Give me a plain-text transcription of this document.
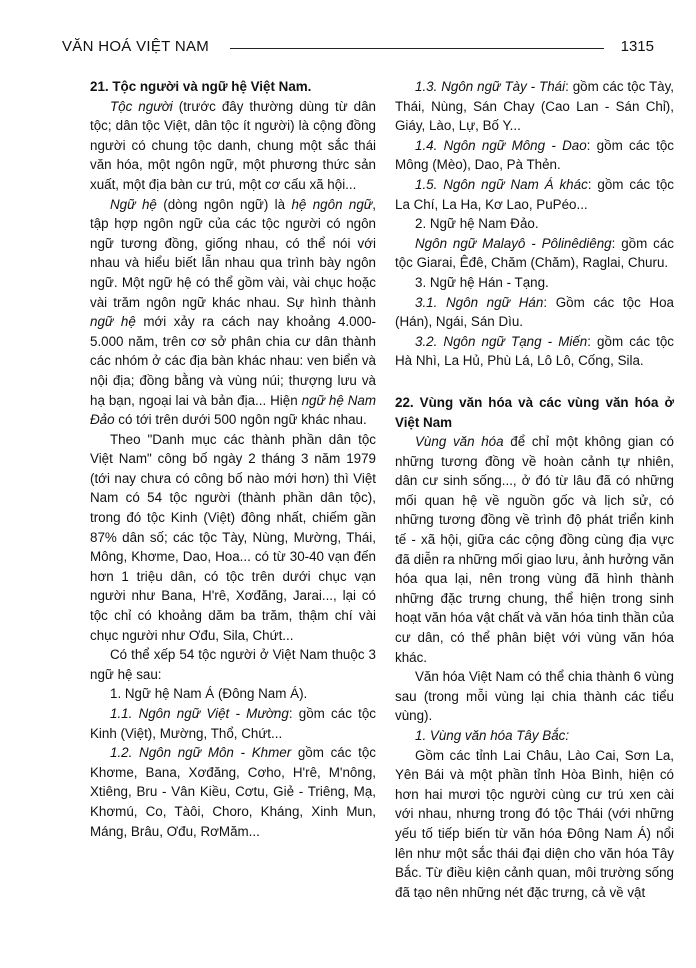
VĂN HOÁ VIỆT NAM	1315

21. Tộc người và ngữ hệ Việt Nam.

Tộc người (trước đây thường dùng từ dân tộc; dân tộc Việt, dân tộc ít người) là cộng đồng người có chung tộc danh, chung một sắc thái văn hóa, một ngôn ngữ, một phương thức sản xuất, một địa bàn cư trú, một cơ cấu xã hội...

Ngữ hệ (dòng ngôn ngữ) là hệ ngôn ngữ, tập hợp ngôn ngữ của các tộc người có ngôn ngữ tương đồng, giống nhau, có thể nói với nhau và hiểu biết lẫn nhau qua trình bày ngôn ngữ. Một ngữ hệ có thể gồm vài, vài chục hoặc vài trăm ngôn ngữ khác nhau. Sự hình thành ngữ hệ mới xảy ra cách nay khoảng 4.000-5.000 năm, trên cơ sở phân chia cư dân thành các nhóm ở các địa bàn khác nhau: ven biển và nội địa; đồng bằng và vùng núi; thượng lưu và hạ bạn, ngoại lai và bản địa... Hiện ngữ hệ Nam Đảo có tới trên dưới 500 ngôn ngữ khác nhau.

Theo "Danh mục các thành phần dân tộc Việt Nam" công bố ngày 2 tháng 3 năm 1979 (tới nay chưa có công bố nào mới hơn) thì Việt Nam có 54 tộc người (thành phần dân tộc), trong đó tộc Kinh (Việt) đông nhất, chiếm gần 87% dân số; các tộc Tày, Nùng, Mường, Thái, Mông, Khơme, Dao, Hoa... có từ 30-40 vạn đến hơn 1 triệu dân, có tộc trên dưới chục vạn người như Bana, H'rê, Xơđăng, Jarai..., lại có tộc chỉ có khoảng dăm ba trăm, thậm chí vài chục người như Ơđu, Sila, Chứt...

Có thể xếp 54 tộc người ở Việt Nam thuộc 3 ngữ hệ sau:

1. Ngữ hệ Nam Á (Đông Nam Á).

1.1. Ngôn ngữ Việt - Mường: gồm các tộc Kinh (Việt), Mường, Thổ, Chứt...

1.2. Ngôn ngữ Môn - Khmer gồm các tộc Khơme, Bana, Xơđăng, Cơho, H'rê, M'nông, Xtiêng, Bru - Vân Kiều, Cơtu, Giẻ - Triêng, Mạ, Khơmú, Co, Tàôi, Choro, Kháng, Xinh Mun, Máng, Brâu, Ơđu, RơMăm...

1.3. Ngôn ngữ Tày - Thái: gồm các tộc Tày, Thái, Nùng, Sán Chay (Cao Lan - Sán Chỉ), Giáy, Lào, Lự, Bố Y...

1.4. Ngôn ngữ Mông - Dao: gồm các tộc Mông (Mèo), Dao, Pà Thẻn.

1.5. Ngôn ngữ Nam Á khác: gồm các tộc La Chí, La Ha, Kơ Lao, PuPéo...

2. Ngữ hệ Nam Đảo.

Ngôn ngữ Malayô - Pôlinêdiêng: gồm các tộc Giarai, Êđê, Chăm (Chăm), Raglai, Churu.

3. Ngữ hệ Hán - Tạng.

3.1. Ngôn ngữ Hán: Gồm các tộc Hoa (Hán), Ngái, Sán Dìu.

3.2. Ngôn ngữ Tạng - Miến: gồm các tộc Hà Nhì, La Hủ, Phù Lá, Lô Lô, Cống, Sila.

22. Vùng văn hóa và các vùng văn hóa ở Việt Nam

Vùng văn hóa để chỉ một không gian có những tương đồng về hoàn cảnh tự nhiên, dân cư sinh sống..., ở đó từ lâu đã có những mối quan hệ về nguồn gốc và lịch sử, có những tương đồng về trình độ phát triển kinh tế - xã hội, giữa các cộng đồng cùng địa vực đã diễn ra những mối giao lưu, ảnh hưởng văn hóa qua lại, nên trong vùng đã hình thành những đặc trưng chung, thể hiện trong sinh hoạt văn hóa vật chất và văn hóa tinh thần của cư dân, có thể phân biệt với vùng văn hóa khác.

Văn hóa Việt Nam có thể chia thành 6 vùng sau (trong mỗi vùng lại chia thành các tiểu vùng).

1. Vùng văn hóa Tây Bắc:

Gồm các tỉnh Lai Châu, Lào Cai, Sơn La, Yên Bái và một phần tỉnh Hòa Bình, hiện có hơn hai mươi tộc người cùng cư trú xen cài với nhau, nhưng trong đó tộc Thái (với những yếu tố tiếp biến từ văn hóa Đông Nam Á) nổi lên như một sắc thái đại diện cho văn hóa Tây Bắc. Từ điều kiện cảnh quan, môi trường sống đã tạo nên những nét đặc trưng, cả về vật
